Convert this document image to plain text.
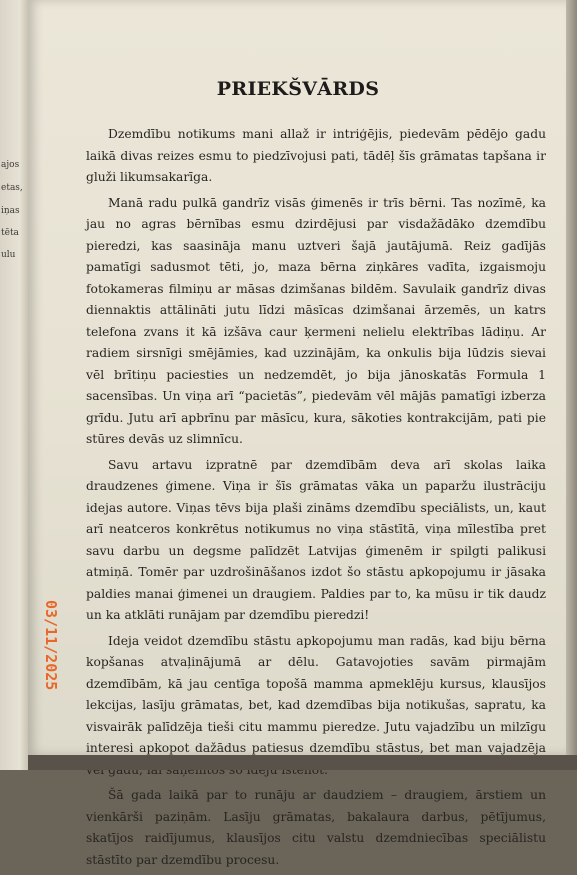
ajos
etas,
iņas
tēta
ulu
PRIEKŠVĀRDS

Dzemdību notikums mani allaž ir intriģējis, piedevām pēdējo gadu laikā divas reizes esmu to piedzīvojusi pati, tādēļ šīs grāmatas tapšana ir gluži likumsakarīga.

Manā radu pulkā gandrīz visās ģimenēs ir trīs bērni. Tas nozīmē, ka jau no agras bērnības esmu dzirdējusi par visdažādāko dzemdību pieredzi, kas saasināja manu uztveri šajā jautājumā. Reiz gadījās pamatīgi sadusmot tēti, jo, maza bērna ziņkāres vadīta, izgaismoju fotokameras filmiņu ar māsas dzimšanas bildēm. Savulaik gandrīz divas diennaktis attālināti jutu līdzi māsīcas dzimšanai ārzemēs, un katrs telefona zvans it kā izšāva caur ķermeni nelielu elektrības lādiņu. Ar radiem sirsnīgi smējāmies, kad uzzinājām, ka onkulis bija lūdzis sievai vēl brītiņu paciesties un nedzemdēt, jo bija jānoskatās Formula 1 sacensības. Un viņa arī “pacietās”, piedevām vēl mājās pamatīgi izberza grīdu. Jutu arī apbrīnu par māsīcu, kura, sākoties kontrakcijām, pati pie stūres devās uz slimnīcu.

Savu artavu izpratnē par dzemdībām deva arī skolas laika draudzenes ģimene. Viņa ir šīs grāmatas vāka un paparžu ilustrāciju idejas autore. Viņas tēvs bija plaši zināms dzemdību speciālists, un, kaut arī neatceros konkrētus notikumus no viņa stāstītā, viņa mīlestība pret savu darbu un degsme palīdzēt Latvijas ģimenēm ir spilgti palikusi atmiņā. Tomēr par uzdrošināšanos izdot šo stāstu apkopojumu ir jāsaka paldies manai ģimenei un draugiem. Paldies par to, ka mūsu ir tik daudz un ka atklāti runājam par dzemdību pieredzi!

Ideja veidot dzemdību stāstu apkopojumu man radās, kad biju bērna kopšanas atvaļinājumā ar dēlu. Gatavojoties savām pirmajām dzemdībām, kā jau centīga topošā mamma apmeklēju kursus, klausījos lekcijas, lasīju grāmatas, bet, kad dzemdības bija notikušas, sapratu, ka visvairāk palīdzēja tieši citu mammu pieredze. Jutu vajadzību un milzīgu interesi apkopot dažādus patiesus dzemdību stāstus, bet man vajadzēja

Šā gada laikā par to runāju ar daudziem – draugiem, ārstiem un vienkārši paziņām. Lasīju grāmatas, bakalaura darbus, pētījumus, skatījos raidījumus, klausījos citu valstu dzemdniecības speciālistu stāstīto par dzemdību procesu.

03/11/2025
